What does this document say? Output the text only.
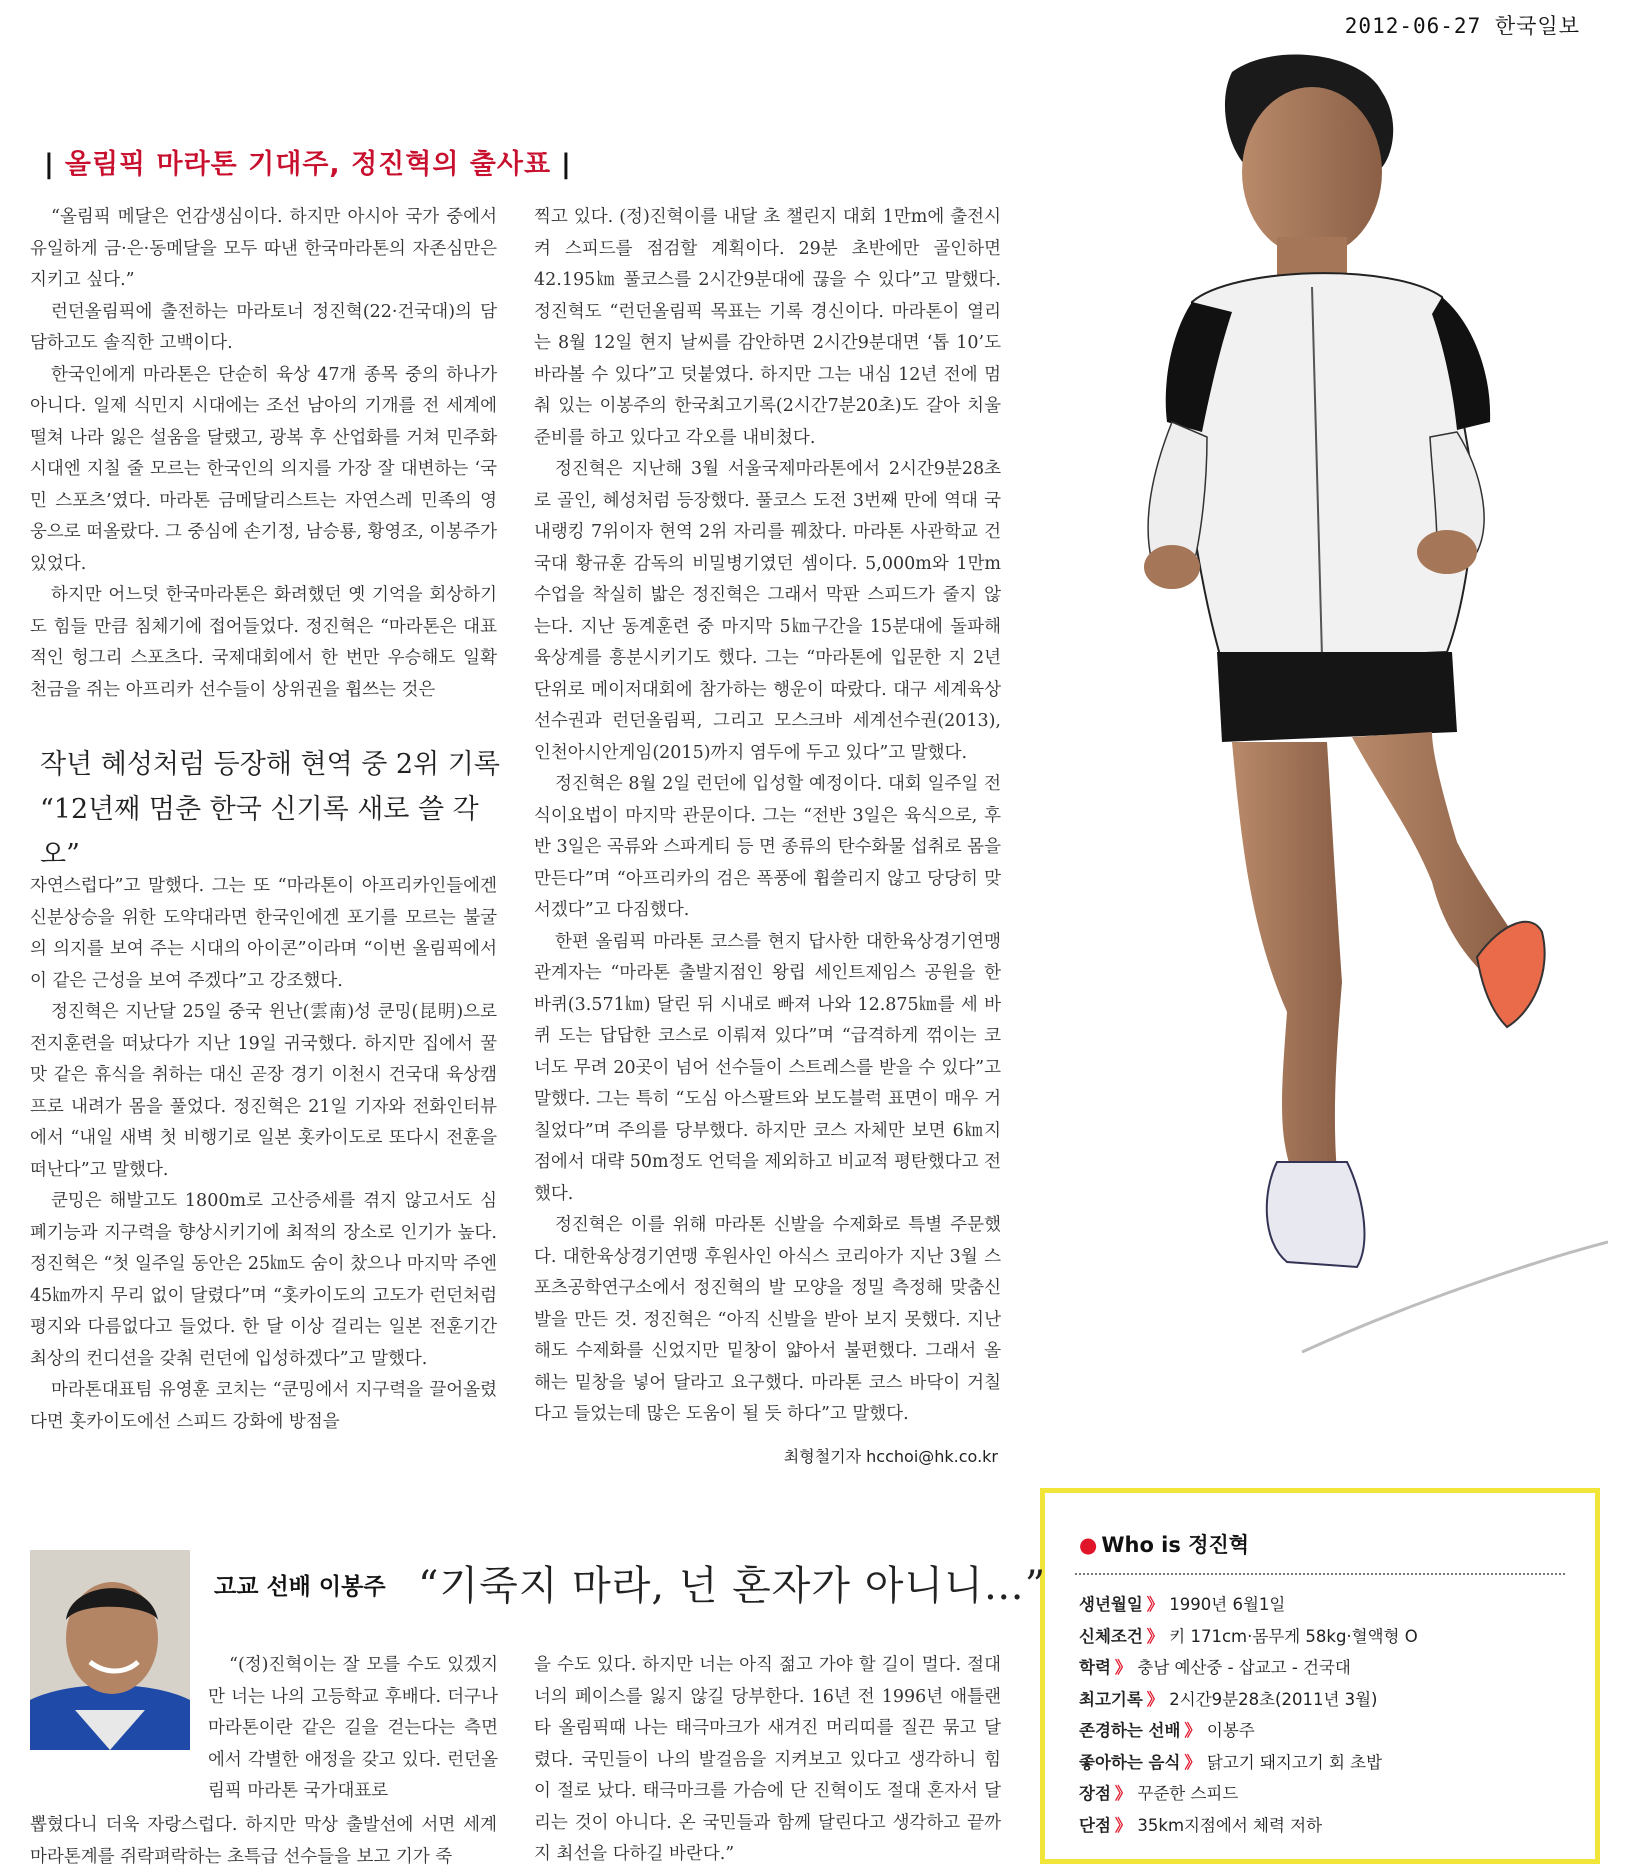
2012-06-27 한국일보
| 올림픽 마라톤 기대주, 정진혁의 출사표 |

“올림픽 메달은 언감생심이다. 하지만 아시아 국가 중에서 유일하게 금·은·동메달을 모두 따낸 한국마라톤의 자존심만은 지키고 싶다.”

런던올림픽에 출전하는 마라토너 정진혁(22·건국대)의 담담하고도 솔직한 고백이다.

한국인에게 마라톤은 단순히 육상 47개 종목 중의 하나가 아니다. 일제 식민지 시대에는 조선 남아의 기개를 전 세계에 떨쳐 나라 잃은 설움을 달랬고, 광복 후 산업화를 거쳐 민주화 시대엔 지칠 줄 모르는 한국인의 의지를 가장 잘 대변하는 ‘국민 스포츠’였다. 마라톤 금메달리스트는 자연스레 민족의 영웅으로 떠올랐다. 그 중심에 손기정, 남승룡, 황영조, 이봉주가 있었다.

하지만 어느덧 한국마라톤은 화려했던 옛 기억을 회상하기도 힘들 만큼 침체기에 접어들었다. 정진혁은 “마라톤은 대표적인 헝그리 스포츠다. 국제대회에서 한 번만 우승해도 일확천금을 쥐는 아프리카 선수들이 상위권을 휩쓰는 것은

작년 혜성처럼 등장해 현역 중 2위 기록
“12년째 멈춘 한국 신기록 새로 쓸 각오”

자연스럽다”고 말했다. 그는 또 “마라톤이 아프리카인들에겐 신분상승을 위한 도약대라면 한국인에겐 포기를 모르는 불굴의 의지를 보여 주는 시대의 아이콘”이라며 “이번 올림픽에서 이 같은 근성을 보여 주겠다”고 강조했다.

정진혁은 지난달 25일 중국 윈난(雲南)성 쿤밍(昆明)으로 전지훈련을 떠났다가 지난 19일 귀국했다. 하지만 집에서 꿀맛 같은 휴식을 취하는 대신 곧장 경기 이천시 건국대 육상캠프로 내려가 몸을 풀었다. 정진혁은 21일 기자와 전화인터뷰에서 “내일 새벽 첫 비행기로 일본 홋카이도로 또다시 전훈을 떠난다”고 말했다.

쿤밍은 해발고도 1800m로 고산증세를 겪지 않고서도 심폐기능과 지구력을 향상시키기에 최적의 장소로 인기가 높다. 정진혁은 “첫 일주일 동안은 25㎞도 숨이 찼으나 마지막 주엔 45㎞까지 무리 없이 달렸다”며 “홋카이도의 고도가 런던처럼 평지와 다름없다고 들었다. 한 달 이상 걸리는 일본 전훈기간 최상의 컨디션을 갖춰 런던에 입성하겠다”고 말했다.

마라톤대표팀 유영훈 코치는 “쿤밍에서 지구력을 끌어올렸다면 홋카이도에선 스피드 강화에 방점을

찍고 있다. (정)진혁이를 내달 초 챌린지 대회 1만m에 출전시켜 스피드를 점검할 계획이다. 29분 초반에만 골인하면 42.195㎞ 풀코스를 2시간9분대에 끊을 수 있다”고 말했다. 정진혁도 “런던올림픽 목표는 기록 경신이다. 마라톤이 열리는 8월 12일 현지 날씨를 감안하면 2시간9분대면 ‘톱 10’도 바라볼 수 있다”고 덧붙였다. 하지만 그는 내심 12년 전에 멈춰 있는 이봉주의 한국최고기록(2시간7분20초)도 갈아 치울 준비를 하고 있다고 각오를 내비쳤다.

정진혁은 지난해 3월 서울국제마라톤에서 2시간9분28초로 골인, 혜성처럼 등장했다. 풀코스 도전 3번째 만에 역대 국내랭킹 7위이자 현역 2위 자리를 꿰찼다. 마라톤 사관학교 건국대 황규훈 감독의 비밀병기였던 셈이다. 5,000m와 1만m 수업을 착실히 밟은 정진혁은 그래서 막판 스피드가 줄지 않는다. 지난 동계훈련 중 마지막 5㎞구간을 15분대에 돌파해 육상계를 흥분시키기도 했다. 그는 “마라톤에 입문한 지 2년 단위로 메이저대회에 참가하는 행운이 따랐다. 대구 세계육상선수권과 런던올림픽, 그리고 모스크바 세계선수권(2013), 인천아시안게임(2015)까지 염두에 두고 있다”고 말했다.

정진혁은 8월 2일 런던에 입성할 예정이다. 대회 일주일 전 식이요법이 마지막 관문이다. 그는 “전반 3일은 육식으로, 후반 3일은 곡류와 스파게티 등 면 종류의 탄수화물 섭취로 몸을 만든다”며 “아프리카의 검은 폭풍에 휩쓸리지 않고 당당히 맞서겠다”고 다짐했다.

한편 올림픽 마라톤 코스를 현지 답사한 대한육상경기연맹 관계자는 “마라톤 출발지점인 왕립 세인트제임스 공원을 한 바퀴(3.571㎞) 달린 뒤 시내로 빠져 나와 12.875㎞를 세 바퀴 도는 답답한 코스로 이뤄져 있다”며 “급격하게 꺾이는 코너도 무려 20곳이 넘어 선수들이 스트레스를 받을 수 있다”고 말했다. 그는 특히 “도심 아스팔트와 보도블럭 표면이 매우 거칠었다”며 주의를 당부했다. 하지만 코스 자체만 보면 6㎞지점에서 대략 50m정도 언덕을 제외하고 비교적 평탄했다고 전했다.

정진혁은 이를 위해 마라톤 신발을 수제화로 특별 주문했다. 대한육상경기연맹 후원사인 아식스 코리아가 지난 3월 스포츠공학연구소에서 정진혁의 발 모양을 정밀 측정해 맞춤신발을 만든 것. 정진혁은 “아직 신발을 받아 보지 못했다. 지난해도 수제화를 신었지만 밑창이 얇아서 불편했다. 그래서 올해는 밑창을 넣어 달라고 요구했다. 마라톤 코스 바닥이 거칠다고 들었는데 많은 도움이 될 듯 하다”고 말했다.

최형철기자 hcchoi@hk.co.kr
● Who is 정진혁
생년월일 》 1990년 6월1일
신체조건 》 키 171cm·몸무게 58kg·혈액형 O
학력 》 충남 예산중 - 삽교고 - 건국대
최고기록 》 2시간9분28초(2011년 3월)
존경하는 선배 》 이봉주
좋아하는 음식 》 닭고기 돼지고기 회 초밥
장점 》 꾸준한 스피드
단점 》 35km지점에서 체력 저하
고교 선배 이봉주 “기죽지 마라, 넌 혼자가 아니니…”

“(정)진혁이는 잘 모를 수도 있겠지만 너는 나의 고등학교 후배다. 더구나 마라톤이란 같은 길을 걷는다는 측면에서 각별한 애정을 갖고 있다. 런던올림픽 마라톤 국가대표로

뽑혔다니 더욱 자랑스럽다. 하지만 막상 출발선에 서면 세계 마라톤계를 쥐락펴락하는 초특급 선수들을 보고 기가 죽

을 수도 있다. 하지만 너는 아직 젊고 가야 할 길이 멀다. 절대 너의 페이스를 잃지 않길 당부한다. 16년 전 1996년 애틀랜타 올림픽때 나는 태극마크가 새겨진 머리띠를 질끈 묶고 달렸다. 국민들이 나의 발걸음을 지켜보고 있다고 생각하니 힘이 절로 났다. 태극마크를 가슴에 단 진혁이도 절대 혼자서 달리는 것이 아니다. 온 국민들과 함께 달린다고 생각하고 끝까지 최선을 다하길 바란다.”
